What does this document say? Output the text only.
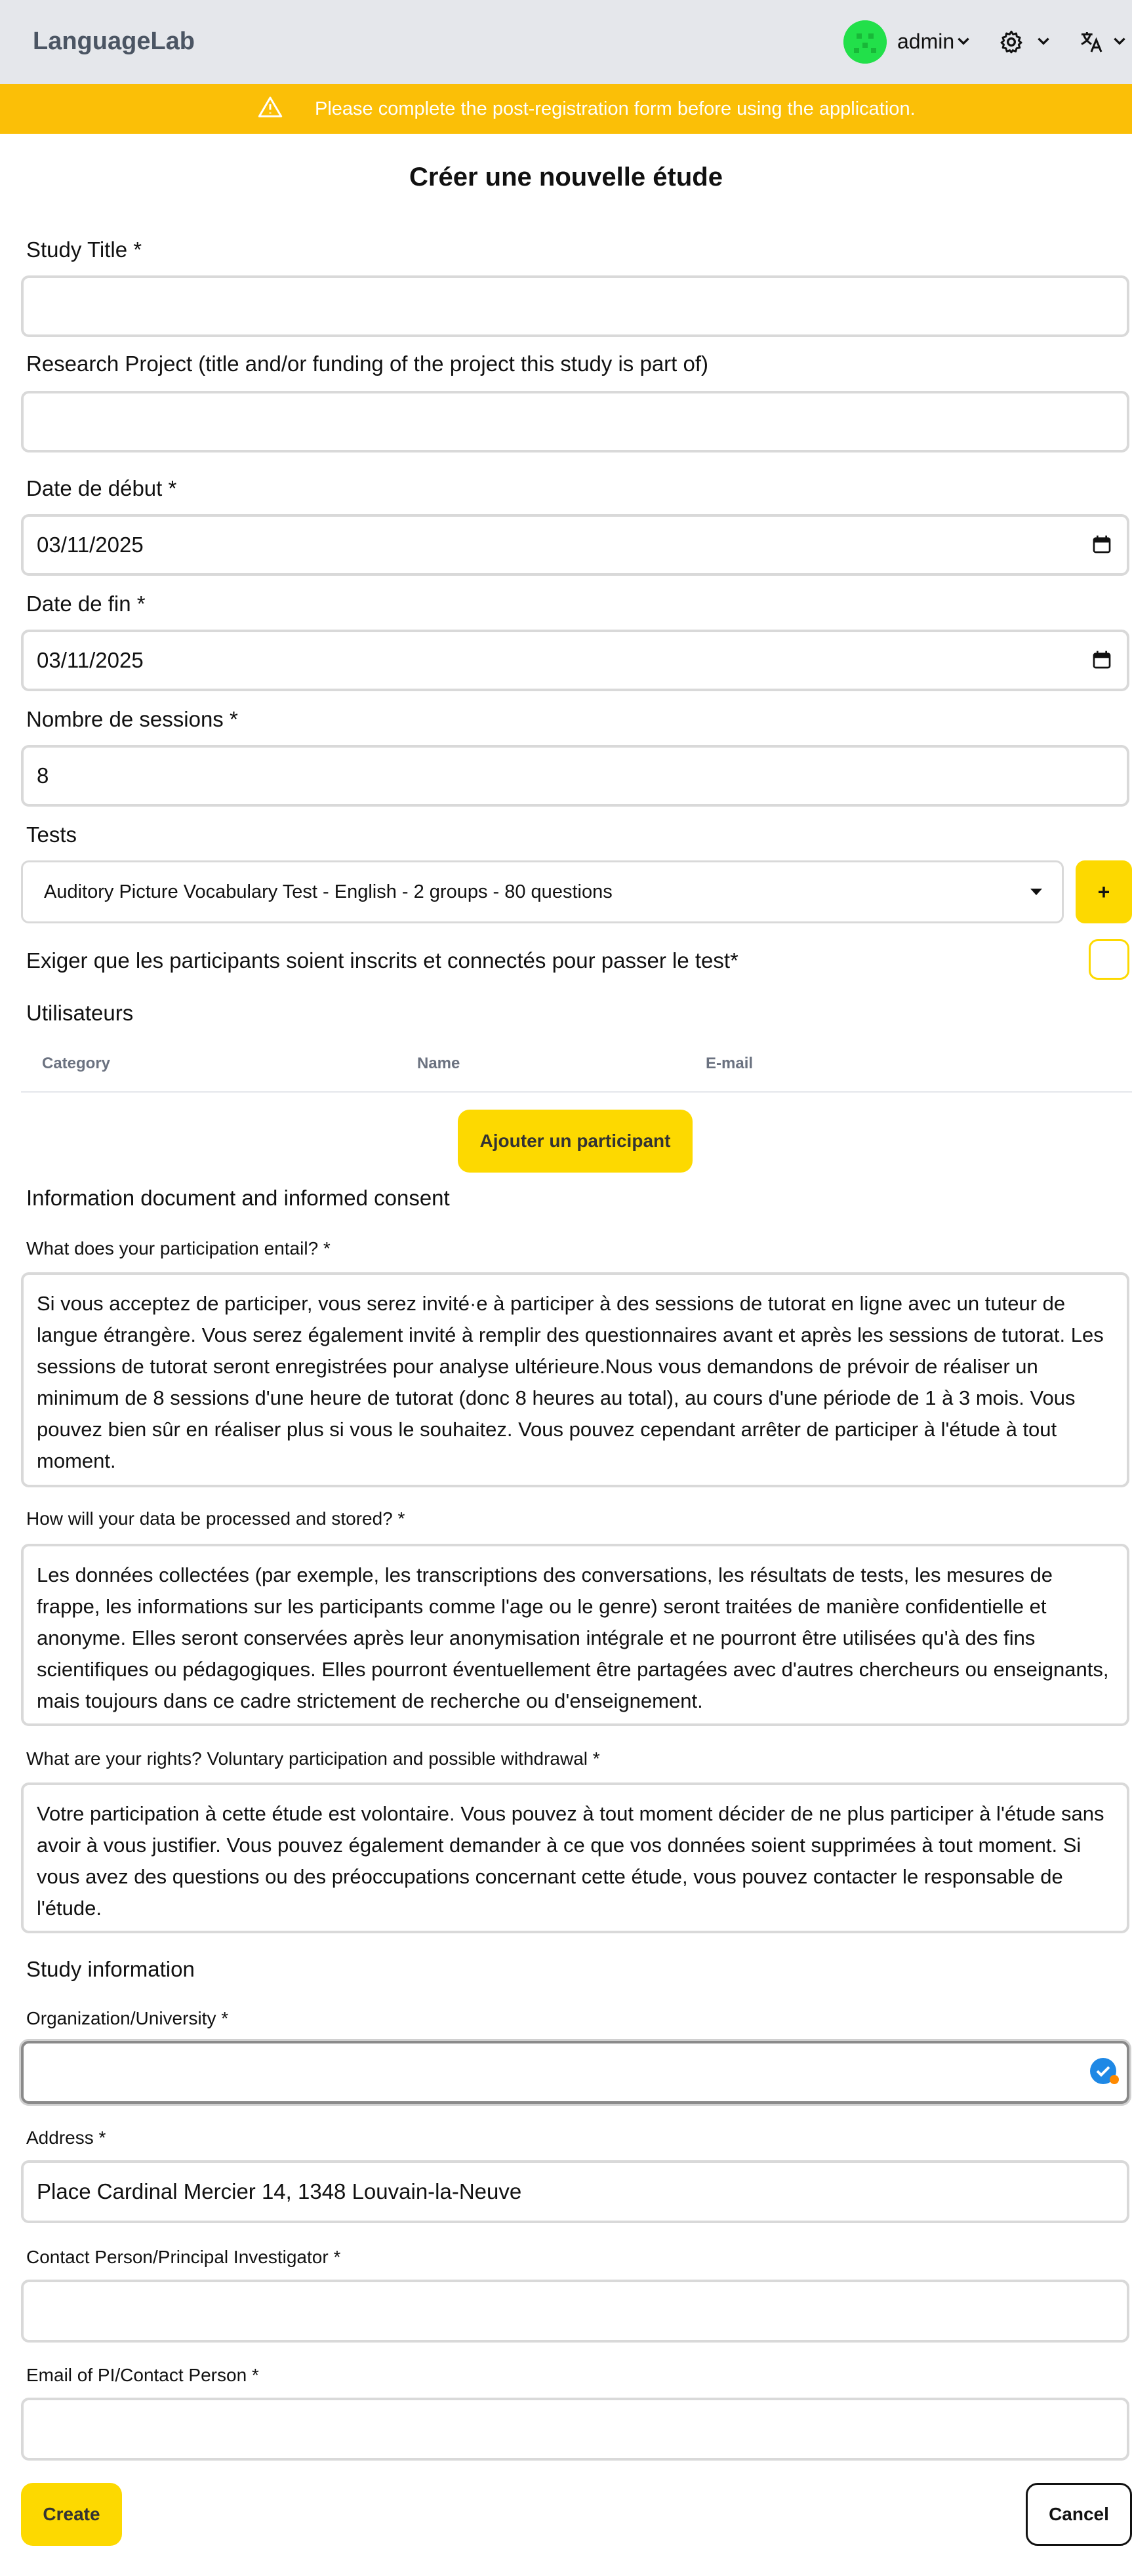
LanguageLab	admin
Please complete the post-registration form before using the application.
Créer une nouvelle étude
Study Title *
Research Project (title and/or funding of the project this study is part of)
Date de début *
03/11/2025
Date de fin *
03/11/2025
Nombre de sessions *
8
Tests
Auditory Picture Vocabulary Test - English - 2 groups - 80 questions	+
Exiger que les participants soient inscrits et connectés pour passer le test*
Utilisateurs
Category	Name	E-mail
Ajouter un participant
Information document and informed consent
What does your participation entail? *
Si vous acceptez de participer, vous serez invité·e à participer à des sessions de tutorat en ligne avec un tuteur de langue étrangère. Vous serez également invité à remplir des questionnaires avant et après les sessions de tutorat. Les sessions de tutorat seront enregistrées pour analyse ultérieure.Nous vous demandons de prévoir de réaliser un minimum de 8 sessions d'une heure de tutorat (donc 8 heures au total), au cours d'une période de 1 à 3 mois. Vous pouvez bien sûr en réaliser plus si vous le souhaitez. Vous pouvez cependant arrêter de participer à l'étude à tout moment.
How will your data be processed and stored? *
Les données collectées (par exemple, les transcriptions des conversations, les résultats de tests, les mesures de frappe, les informations sur les participants comme l'age ou le genre) seront traitées de manière confidentielle et anonyme. Elles seront conservées après leur anonymisation intégrale et ne pourront être utilisées qu'à des fins scientifiques ou pédagogiques. Elles pourront éventuellement être partagées avec d'autres chercheurs ou enseignants, mais toujours dans ce cadre strictement de recherche ou d'enseignement.
What are your rights? Voluntary participation and possible withdrawal *
Votre participation à cette étude est volontaire. Vous pouvez à tout moment décider de ne plus participer à l'étude sans avoir à vous justifier. Vous pouvez également demander à ce que vos données soient supprimées à tout moment. Si vous avez des questions ou des préoccupations concernant cette étude, vous pouvez contacter le responsable de l'étude.
Study information
Organization/University *
Address *
Place Cardinal Mercier 14, 1348 Louvain-la-Neuve
Contact Person/Principal Investigator *
Email of PI/Contact Person *
Create	Cancel
